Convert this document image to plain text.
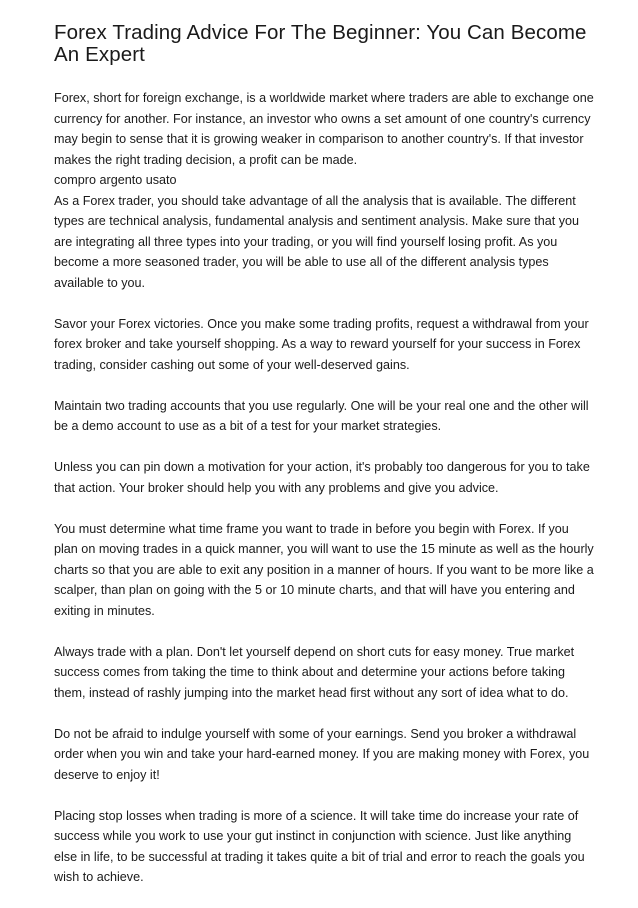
Forex Trading Advice For The Beginner: You Can Become An Expert

Forex, short for foreign exchange, is a worldwide market where traders are able to exchange one currency for another. For instance, an investor who owns a set amount of one country's currency may begin to sense that it is growing weaker in comparison to another country's. If that investor makes the right trading decision, a profit can be made.

compro argento usato

As a Forex trader, you should take advantage of all the analysis that is available. The different types are technical analysis, fundamental analysis and sentiment analysis. Make sure that you are integrating all three types into your trading, or you will find yourself losing profit. As you become a more seasoned trader, you will be able to use all of the different analysis types available to you.

Savor your Forex victories. Once you make some trading profits, request a withdrawal from your forex broker and take yourself shopping. As a way to reward yourself for your success in Forex trading, consider cashing out some of your well-deserved gains.

Maintain two trading accounts that you use regularly. One will be your real one and the other will be a demo account to use as a bit of a test for your market strategies.

Unless you can pin down a motivation for your action, it's probably too dangerous for you to take that action. Your broker should help you with any problems and give you advice.

You must determine what time frame you want to trade in before you begin with Forex. If you plan on moving trades in a quick manner, you will want to use the 15 minute as well as the hourly charts so that you are able to exit any position in a manner of hours. If you want to be more like a scalper, than plan on going with the 5 or 10 minute charts, and that will have you entering and exiting in minutes.

Always trade with a plan. Don't let yourself depend on short cuts for easy money. True market success comes from taking the time to think about and determine your actions before taking them, instead of rashly jumping into the market head first without any sort of idea what to do.

Do not be afraid to indulge yourself with some of your earnings. Send you broker a withdrawal order when you win and take your hard-earned money. If you are making money with Forex, you deserve to enjoy it!

Placing stop losses when trading is more of a science. It will take time do increase your rate of success while you work to use your gut instinct in conjunction with science. Just like anything else in life, to be successful at trading it takes quite a bit of trial and error to reach the goals you wish to achieve.
